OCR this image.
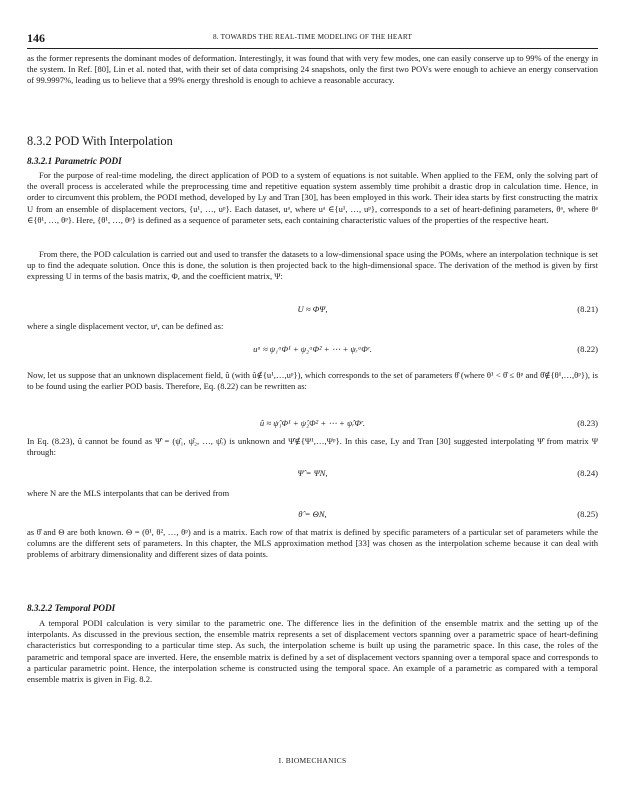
146	8. TOWARDS THE REAL-TIME MODELING OF THE HEART

as the former represents the dominant modes of deformation. Interestingly, it was found that with very few modes, one can easily conserve up to 99% of the energy in the system. In Ref. [80], Lin et al. noted that, with their set of data comprising 24 snapshots, only the first two POVs were enough to achieve an energy conservation of 99.9997%, leading us to believe that a 99% energy threshold is enough to achieve a reasonable accuracy.

8.3.2 POD With Interpolation
8.3.2.1 Parametric PODI

For the purpose of real-time modeling, the direct application of POD to a system of equations is not suitable. When applied to the FEM, only the solving part of the overall process is accelerated while the preprocessing time and repetitive equation system assembly time prohibit a drastic drop in calculation time. Hence, in order to circumvent this problem, the PODI method, developed by Ly and Tran [30], has been employed in this work. Their idea starts by first constructing the matrix U from an ensemble of displacement vectors, {u¹, …, uᵖ}. Each dataset, uᵃ, where uᵃ ∈{u¹, …, uᵖ}, corresponds to a set of heart-defining parameters, θᵃ, where θᵃ ∈{θ¹, …, θᵖ}. Here, {θ¹, …, θᵖ} is defined as a sequence of parameter sets, each containing characteristic values of the properties of the respective heart.

From there, the POD calculation is carried out and used to transfer the datasets to a low-dimensional space using the POMs, where an interpolation technique is set up to find the adequate solution. Once this is done, the solution is then projected back to the high-dimensional space. The derivation of the method is given by first expressing U in terms of the basis matrix, Φ, and the coefficient matrix, Ψ:

U ≈ ΦΨ,	(8.21)

where a single displacement vector, uᵃ, can be defined as:

uᵃ ≈ ψ₁ᵃΦ¹ + ψ₂ᵃΦ² + ⋯ + ψᵣᵃΦʳ.	(8.22)

Now, let us suppose that an unknown displacement field, û (with û∉{u¹,…,uᵖ}), which corresponds to the set of parameters θ̂ (where θ¹ < θ̂ ≤ θᵖ and θ̂∉{θ¹,…,θᵖ}), is to be found using the earlier POD basis. Therefore, Eq. (8.22) can be rewritten as:

û ≈ ψ̂₁Φ¹ + ψ̂₂Φ² + ⋯ + ψ̂ᵣΦʳ.	(8.23)

In Eq. (8.23), û cannot be found as Ψ̂ = (ψ̂₁, ψ̂₂, …, ψ̂ᵣ) is unknown and Ψ̂∉{Ψ¹,…,Ψᵖ}. In this case, Ly and Tran [30] suggested interpolating Ψ̂ from matrix Ψ through:

Ψ̂ = ΨN,	(8.24)

where N are the MLS interpolants that can be derived from

θ̂ = ΘN,	(8.25)

as θ̂ and Θ are both known. Θ = (θ¹, θ², …, θᵖ) and is a matrix. Each row of that matrix is defined by specific parameters of a particular set of parameters while the columns are the different sets of parameters. In this chapter, the MLS approximation method [33] was chosen as the interpolation scheme because it can deal with problems of arbitrary dimensionality and different sizes of data points.

8.3.2.2 Temporal PODI

A temporal PODI calculation is very similar to the parametric one. The difference lies in the definition of the ensemble matrix and the setting up of the interpolants. As discussed in the previous section, the ensemble matrix represents a set of displacement vectors spanning over a parametric space of heart-defining characteristics but corresponding to a particular time step. As such, the interpolation scheme is built up using the parametric space. In this case, the roles of the parametric and temporal space are inverted. Here, the ensemble matrix is defined by a set of displacement vectors spanning over a temporal space and corresponds to a particular parametric point. Hence, the interpolation scheme is constructed using the temporal space. An example of a parametric as compared with a temporal ensemble matrix is given in Fig. 8.2.

I. BIOMECHANICS
